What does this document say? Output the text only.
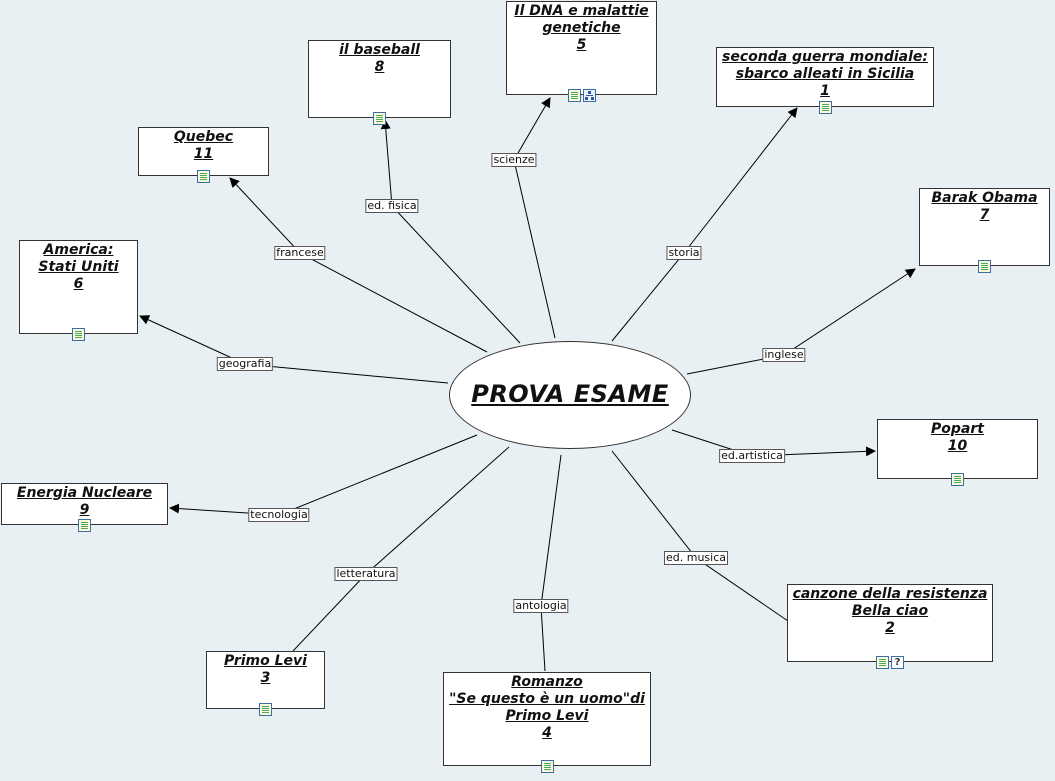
scienze
ed. fisica
storia
francese
geografia
inglese
ed.artistica
tecnologia
letteratura
antologia
ed. musica
PROVA ESAME
Il DNA e malattie
genetiche
5
il baseball
8
seconda guerra mondiale:
sbarco alleati in Sicilia
1
Quebec
11
America:
Stati Uniti
6
Barak Obama
7
Popart
10
Energia Nucleare
9
canzone della resistenza
Bella ciao
2
?
Primo Levi
3	Romanzo
"Se questo è un uomo"di
Primo Levi
4
